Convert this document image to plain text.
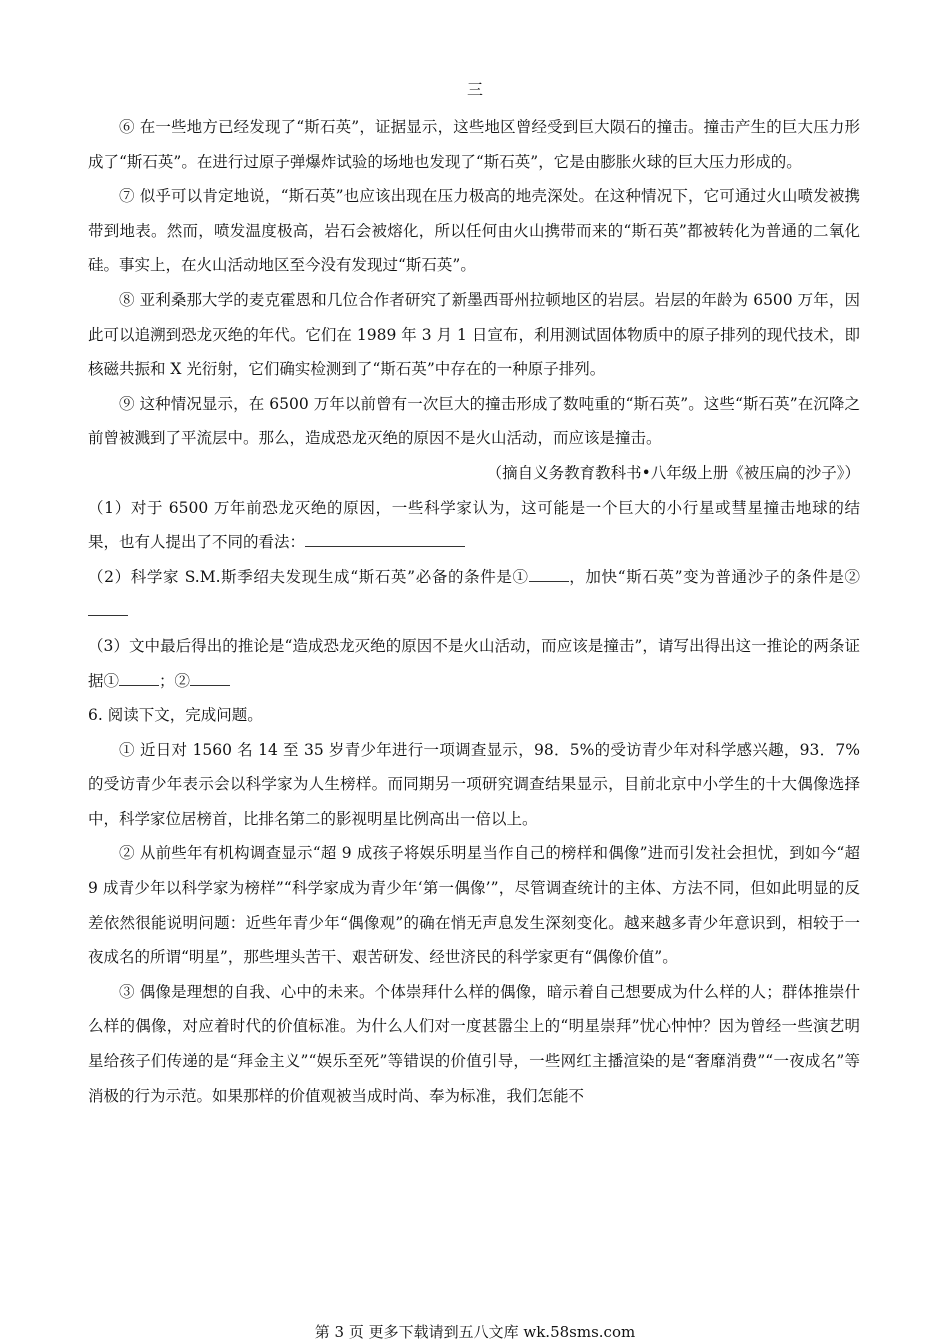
三

⑥ 在一些地方已经发现了“斯石英”，证据显示，这些地区曾经受到巨大陨石的撞击。撞击产生的巨大压力形成了“斯石英”。在进行过原子弹爆炸试验的场地也发现了“斯石英”，它是由膨胀火球的巨大压力形成的。

⑦ 似乎可以肯定地说，“斯石英”也应该出现在压力极高的地壳深处。在这种情况下，它可通过火山喷发被携带到地表。然而，喷发温度极高，岩石会被熔化，所以任何由火山携带而来的“斯石英”都被转化为普通的二氧化硅。事实上，在火山活动地区至今没有发现过“斯石英”。

⑧ 亚利桑那大学的麦克霍恩和几位合作者研究了新墨西哥州拉顿地区的岩层。岩层的年龄为 6500 万年，因此可以追溯到恐龙灭绝的年代。它们在 1989 年 3 月 1 日宣布，利用测试固体物质中的原子排列的现代技术，即核磁共振和 X 光衍射，它们确实检测到了“斯石英”中存在的一种原子排列。

⑨ 这种情况显示，在 6500 万年以前曾有一次巨大的撞击形成了数吨重的“斯石英”。这些“斯石英”在沉降之前曾被溅到了平流层中。那么，造成恐龙灭绝的原因不是火山活动，而应该是撞击。

（摘自义务教育教科书•八年级上册《被压扁的沙子》）

（1）对于 6500 万年前恐龙灭绝的原因，一些科学家认为，这可能是一个巨大的小行星或彗星撞击地球的结果，也有人提出了不同的看法：

（2）科学家 S.M.斯季绍夫发现生成“斯石英”必备的条件是①	，加快“斯石英”变为普通沙子的条件是②

（3）文中最后得出的推论是“造成恐龙灭绝的原因不是火山活动，而应该是撞击”，请写出得出这一推论的两条证据①	；②

6. 阅读下文，完成问题。

① 近日对 1560 名 14 至 35 岁青少年进行一项调查显示，98．5%的受访青少年对科学感兴趣，93．7%的受访青少年表示会以科学家为人生榜样。而同期另一项研究调查结果显示，目前北京中小学生的十大偶像选择中，科学家位居榜首，比排名第二的影视明星比例高出一倍以上。

② 从前些年有机构调查显示“超 9 成孩子将娱乐明星当作自己的榜样和偶像”进而引发社会担忧，到如今“超 9 成青少年以科学家为榜样”“科学家成为青少年‘第一偶像’”，尽管调查统计的主体、方法不同，但如此明显的反差依然很能说明问题：近些年青少年“偶像观”的确在悄无声息发生深刻变化。越来越多青少年意识到，相较于一夜成名的所谓“明星”，那些埋头苦干、艰苦研发、经世济民的科学家更有“偶像价值”。

③ 偶像是理想的自我、心中的未来。个体崇拜什么样的偶像，暗示着自己想要成为什么样的人；群体推崇什么样的偶像，对应着时代的价值标准。为什么人们对一度甚嚣尘上的“明星崇拜”忧心忡忡？因为曾经一些演艺明星给孩子们传递的是“拜金主义”“娱乐至死”等错误的价值引导，一些网红主播渲染的是“奢靡消费”“一夜成名”等消极的行为示范。如果那样的价值观被当成时尚、奉为标准，我们怎能不

第 3 页 更多下载请到五八文库 wk.58sms.com
